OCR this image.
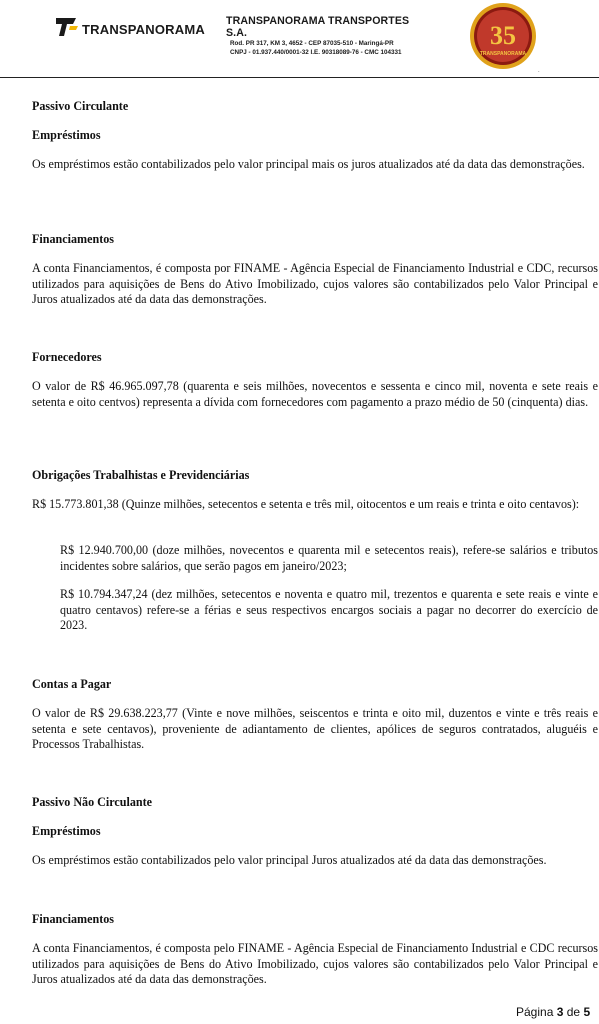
TRANSPANORAMA
TRANSPANORAMA TRANSPORTES S.A.
Rod. PR 317, KM 3, 4652 - CEP 87035-510 - Maringá-PR
CNPJ - 01.937.440/0001-32 I.E. 90318089-76 - CMC 104331
35
TRANSPANORAMA
.

Passivo Circulante

Empréstimos

Os empréstimos estão contabilizados pelo valor principal mais os juros atualizados até da data das demonstrações.

Financiamentos

A conta Financiamentos, é composta por FINAME - Agência Especial de Financiamento Industrial e CDC, recursos utilizados para aquisições de Bens do Ativo Imobilizado, cujos valores são contabilizados pelo Valor Principal e Juros atualizados até da data das demonstrações.

Fornecedores

O valor de R$ 46.965.097,78 (quarenta e seis milhões, novecentos e sessenta e cinco mil, noventa e sete reais e setenta e oito centvos) representa a dívida com fornecedores com pagamento a prazo médio de 50 (cinquenta) dias.

Obrigações Trabalhistas e Previdenciárias

R$ 15.773.801,38 (Quinze milhões, setecentos e setenta e três mil, oitocentos e um reais e trinta e oito centavos):

R$ 12.940.700,00 (doze milhões, novecentos e quarenta mil e setecentos reais), refere-se salários e tributos incidentes sobre salários, que serão pagos em janeiro/2023;

R$ 10.794.347,24 (dez milhões, setecentos e noventa e quatro mil, trezentos e quarenta e sete reais e vinte e quatro centavos) refere-se a férias e seus respectivos encargos sociais a pagar no decorrer do exercício de 2023.

Contas a Pagar

O valor de R$ 29.638.223,77 (Vinte e nove milhões, seiscentos e trinta e oito mil, duzentos e vinte e três reais e setenta e sete centavos), proveniente de adiantamento de clientes, apólices de seguros contratados, aluguéis e Processos Trabalhistas.

Passivo Não Circulante

Empréstimos

Os empréstimos estão contabilizados pelo valor principal Juros atualizados até da data das demonstrações.

Financiamentos

A conta Financiamentos, é composta pelo FINAME - Agência Especial de Financiamento Industrial e CDC recursos utilizados para aquisições de Bens do Ativo Imobilizado, cujos valores são contabilizados pelo Valor Principal e Juros atualizados até da data das demonstrações.

Página 3 de 5
